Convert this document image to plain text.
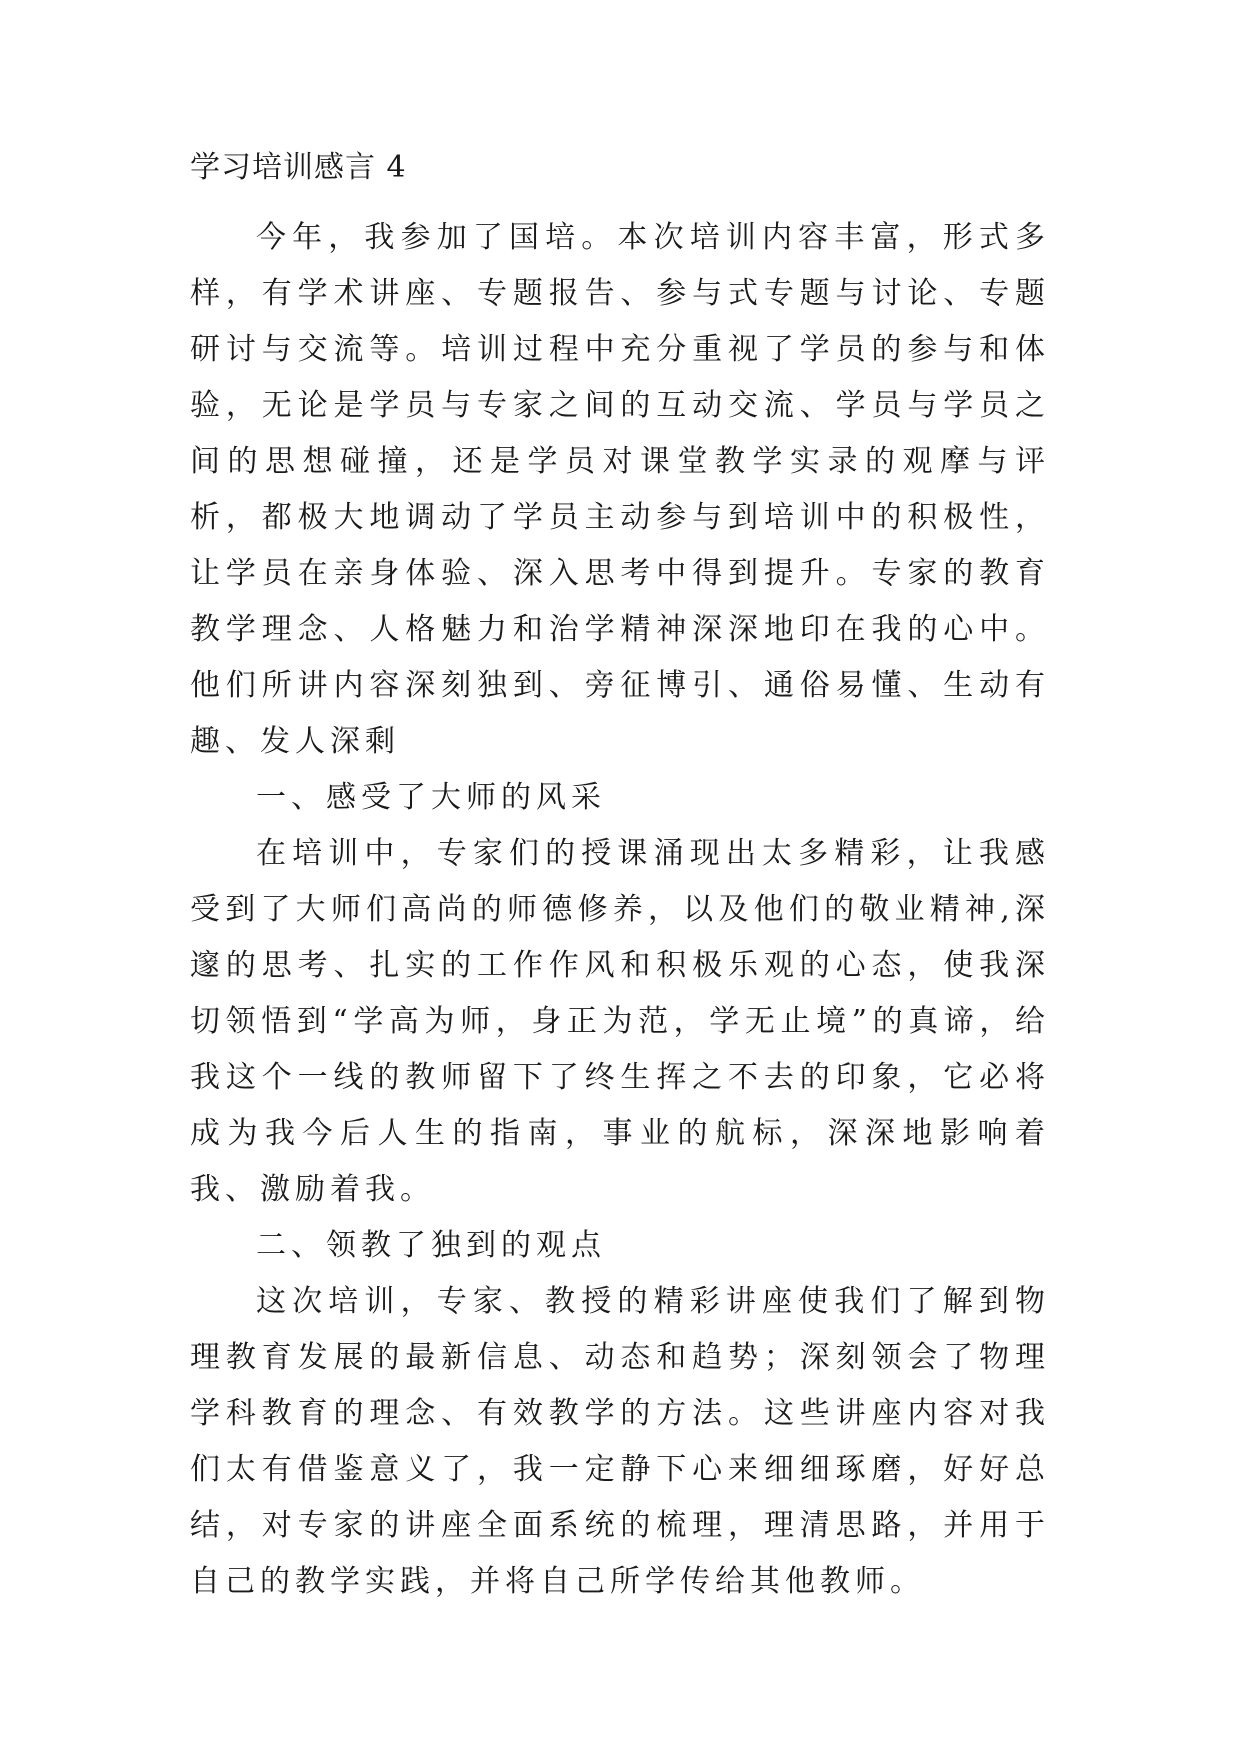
学习培训感言 4

今年，我参加了国培。本次培训内容丰富，形式多样，有学术讲座、专题报告、参与式专题与讨论、专题研讨与交流等。培训过程中充分重视了学员的参与和体验，无论是学员与专家之间的互动交流、学员与学员之间的思想碰撞，还是学员对课堂教学实录的观摩与评析，都极大地调动了学员主动参与到培训中的积极性，让学员在亲身体验、深入思考中得到提升。专家的教育教学理念、人格魅力和治学精神深深地印在我的心中。他们所讲内容深刻独到、旁征博引、通俗易懂、生动有趣、发人深剩

一、感受了大师的风采

在培训中，专家们的授课涌现出太多精彩，让我感受到了大师们高尚的师德修养，以及他们的敬业精神,深邃的思考、扎实的工作作风和积极乐观的心态，使我深切领悟到“学高为师，身正为范，学无止境”的真谛，给我这个一线的教师留下了终生挥之不去的印象，它必将成为我今后人生的指南，事业的航标，深深地影响着我、激励着我。

二、领教了独到的观点

这次培训，专家、教授的精彩讲座使我们了解到物理教育发展的最新信息、动态和趋势；深刻领会了物理学科教育的理念、有效教学的方法。这些讲座内容对我们太有借鉴意义了，我一定静下心来细细琢磨，好好总结，对专家的讲座全面系统的梳理，理清思路，并用于自己的教学实践，并将自己所学传给其他教师。
